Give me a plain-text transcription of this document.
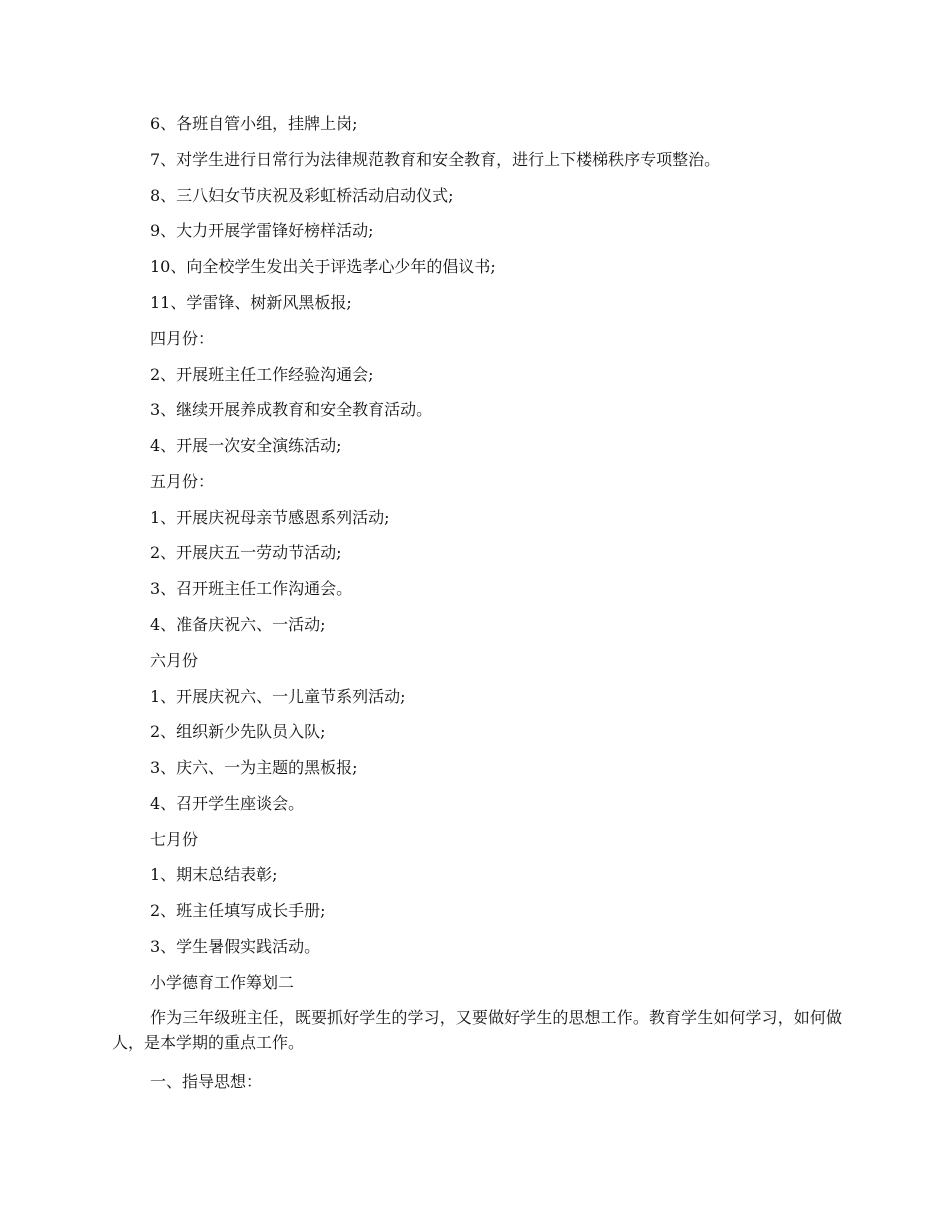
6、各班自管小组，挂牌上岗;
7、对学生进行日常行为法律规范教育和安全教育，进行上下楼梯秩序专项整治。
8、三八妇女节庆祝及彩虹桥活动启动仪式;
9、大力开展学雷锋好榜样活动;
10、向全校学生发出关于评选孝心少年的倡议书;
11、学雷锋、树新风黑板报;
四月份：
2、开展班主任工作经验沟通会;
3、继续开展养成教育和安全教育活动。
4、开展一次安全演练活动;
五月份：
1、开展庆祝母亲节感恩系列活动;
2、开展庆五一劳动节活动;
3、召开班主任工作沟通会。
4、准备庆祝六、一活动;
六月份
1、开展庆祝六、一儿童节系列活动;
2、组织新少先队员入队;
3、庆六、一为主题的黑板报;
4、召开学生座谈会。
七月份
1、期末总结表彰;
2、班主任填写成长手册;
3、学生暑假实践活动。
小学德育工作筹划二
作为三年级班主任，既要抓好学生的学习，又要做好学生的思想工作。教育学生如何学习，如何做人，是本学期的重点工作。
一、指导思想：
